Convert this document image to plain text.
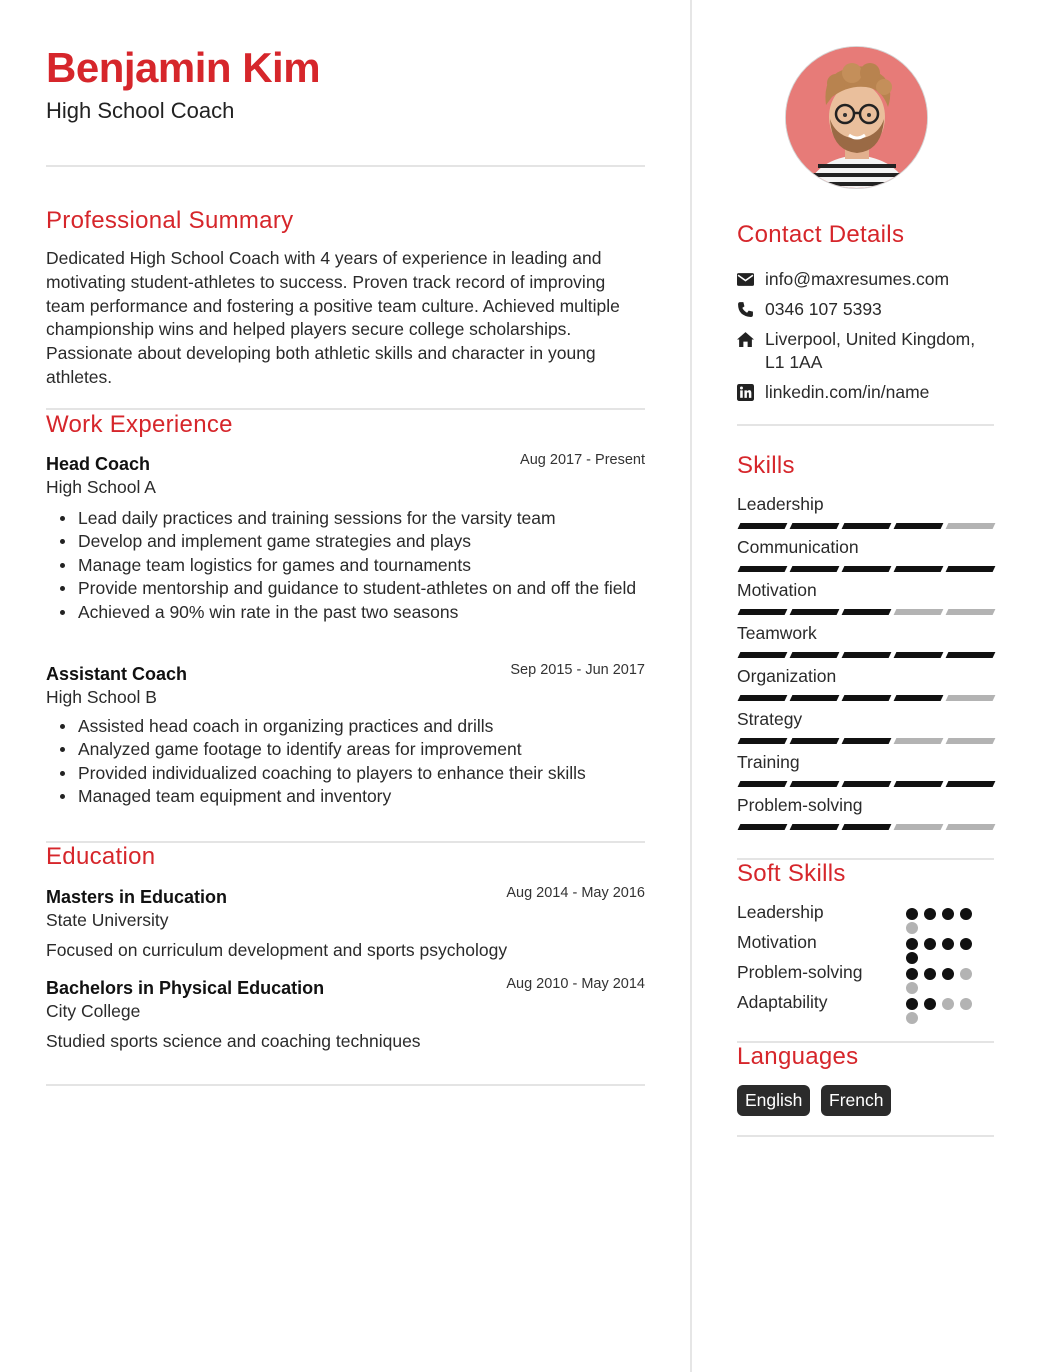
Benjamin Kim
High School Coach
Professional Summary
Dedicated High School Coach with 4 years of experience in leading and motivating student-athletes to success. Proven track record of improving team performance and fostering a positive team culture. Achieved multiple championship wins and helped players secure college scholarships. Passionate about developing both athletic skills and character in young athletes.
Work Experience
Head Coach	Aug 2017 - Present
High School A
Lead daily practices and training sessions for the varsity team
Develop and implement game strategies and plays
Manage team logistics for games and tournaments
Provide mentorship and guidance to student-athletes on and off the field
Achieved a 90% win rate in the past two seasons
Assistant Coach	Sep 2015 - Jun 2017
High School B
Assisted head coach in organizing practices and drills
Analyzed game footage to identify areas for improvement
Provided individualized coaching to players to enhance their skills
Managed team equipment and inventory
Education
Masters in Education	Aug 2014 - May 2016
State University
Focused on curriculum development and sports psychology
Bachelors in Physical Education	Aug 2010 - May 2014
City College
Studied sports science and coaching techniques
Contact Details
info@maxresumes.com
0346 107 5393
Liverpool, United Kingdom, L1 1AA
linkedin.com/in/name
Skills
Leadership
Communication
Motivation
Teamwork
Organization
Strategy
Training
Problem-solving
Soft Skills
Leadership
Motivation
Problem-solving
Adaptability
Languages
English	French
